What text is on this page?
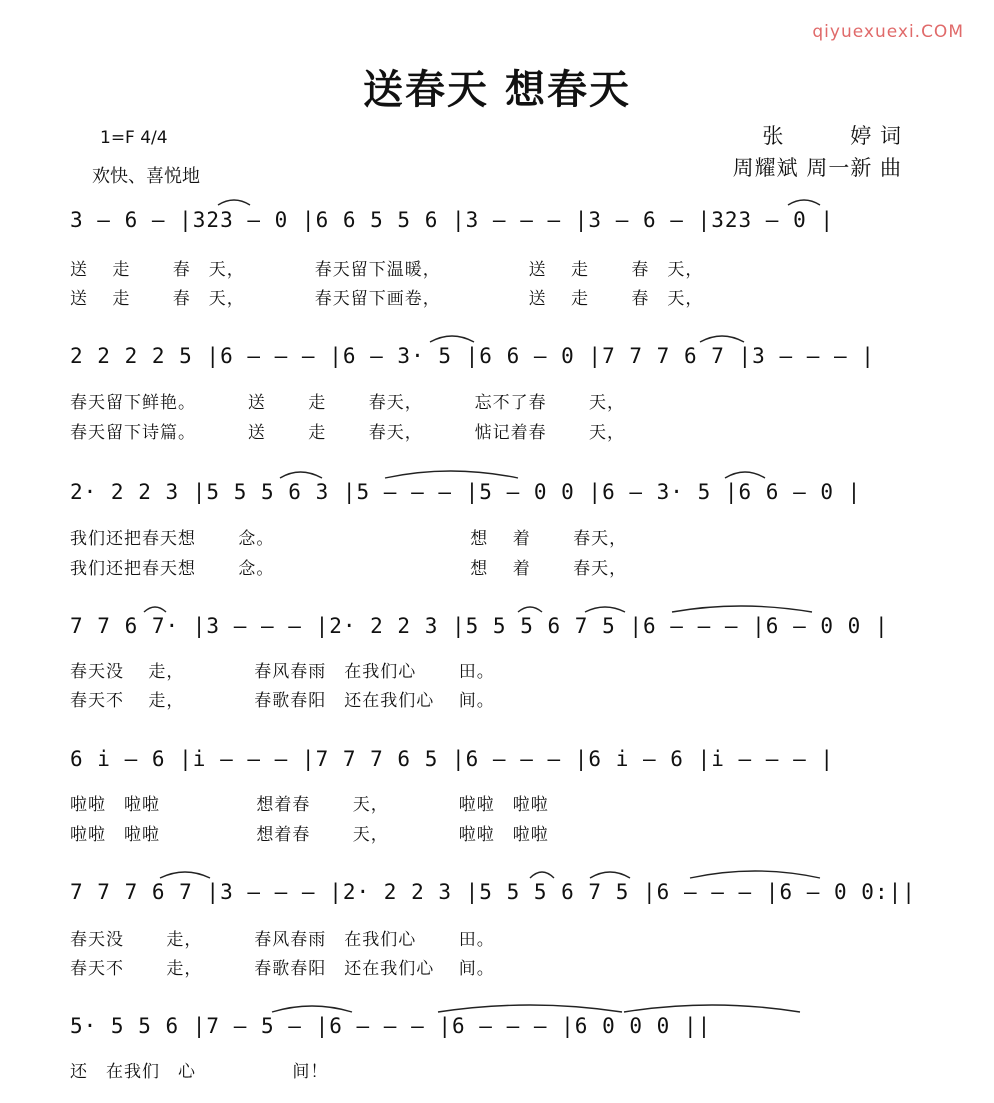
qiyuexuexi.COM
送春天 想春天
1=F 4/4
欢快、喜悦地
张　　　婷 词
周耀斌 周一新 曲
3 – 6 – |323 – 0 |6 6 5 5 6 |3 – – – |3 – 6 – |323 – 0 |
送　 走　　 春　天，　　　　 春天留下温暖，　　　　　 送　 走　　 春　天，
送　 走　　 春　天，　　　　 春天留下画卷，　　　　　 送　 走　　 春　天，
2 2 2 2 5 |6 – – – |6 – 3· 5 |6 6 – 0 |7 7 7 6 7 |3 – – – |
春天留下鲜艳。　　　 送　　 走　　 春天，　　　 忘不了春　　 天，
春天留下诗篇。　　　 送　　 走　　 春天，　　　 惦记着春　　 天，
2· 2 2 3 |5 5 5 6 3 |5 – – – |5 – 0 0 |6 – 3· 5 |6 6 – 0 |
我们还把春天想　　 念。　　　　　　　　　　　 想　 着　　 春天，
我们还把春天想　　 念。　　　　　　　　　　　 想　 着　　 春天，
7 7 6 7· |3 – – – |2· 2 2 3 |5 5 5 6 7 5 |6 – – – |6 – 0 0 |
春天没　 走，　　　　 春风春雨　在我们心　　 田。
春天不　 走，　　　　 春歌春阳　还在我们心　 间。
6 i – 6 |i – – – |7 7 7 6 5 |6 – – – |6 i – 6 |i – – – |
啦啦　啦啦　　　　　 想着春　　 天，　　　　 啦啦　啦啦
啦啦　啦啦　　　　　 想着春　　 天，　　　　 啦啦　啦啦
7 7 7 6 7 |3 – – – |2· 2 2 3 |5 5 5 6 7 5 |6 – – – |6 – 0 0:||
春天没　　 走，　　　 春风春雨　在我们心　　 田。
春天不　　 走，　　　 春歌春阳　还在我们心　 间。
5· 5 5 6 |7 – 5 – |6 – – – |6 – – – |6 0 0 0 ||
还　在我们　心　　　　　 间！
